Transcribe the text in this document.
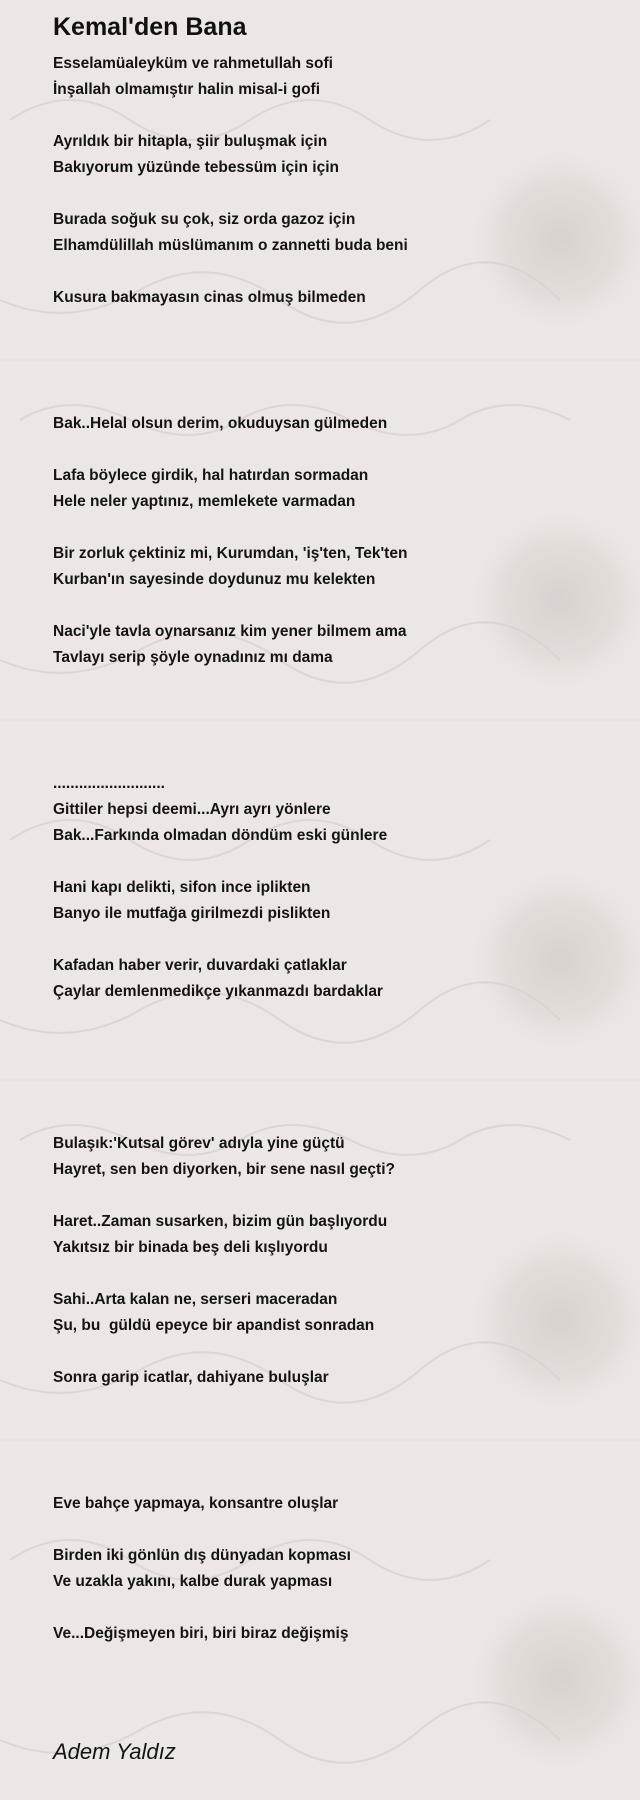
Kemal'den Bana
Esselamüaleyküm ve rahmetullah sofi
İnşallah olmamıştır halin misal-i gofi
Ayrıldık bir hitapla, şiir buluşmak için
Bakıyorum yüzünde tebessüm için için
Burada soğuk su çok, siz orda gazoz için
Elhamdülillah müslümanım o zannetti buda beni
Kusura bakmayasın cinas olmuş bilmeden
Bak..Helal olsun derim, okuduysan gülmeden
Lafa böylece girdik, hal hatırdan sormadan
Hele neler yaptınız, memlekete varmadan
Bir zorluk çektiniz mi, Kurumdan, 'iş'ten, Tek'ten
Kurban'ın sayesinde doydunuz mu kelekten
Naci'yle tavla oynarsanız kim yener bilmem ama
Tavlayı serip şöyle oynadınız mı dama
..........................
Gittiler hepsi deemi...Ayrı ayrı yönlere
Bak...Farkında olmadan döndüm eski günlere
Hani kapı delikti, sifon ince iplikten
Banyo ile mutfağa girilmezdi pislikten
Kafadan haber verir, duvardaki çatlaklar
Çaylar demlenmedikçe yıkanmazdı bardaklar
Bulaşık:'Kutsal görev' adıyla yine güçtü
Hayret, sen ben diyorken, bir sene nasıl geçti?
Haret..Zaman susarken, bizim gün başlıyordu
Yakıtsız bir binada beş deli kışlıyordu
Sahi..Arta kalan ne, serseri maceradan
Şu, bu  güldü epeyce bir apandist sonradan
Sonra garip icatlar, dahiyane buluşlar
Eve bahçe yapmaya, konsantre oluşlar
Birden iki gönlün dış dünyadan kopması
Ve uzakla yakını, kalbe durak yapması
Ve...Değişmeyen biri, biri biraz değişmiş
Adem Yaldız
